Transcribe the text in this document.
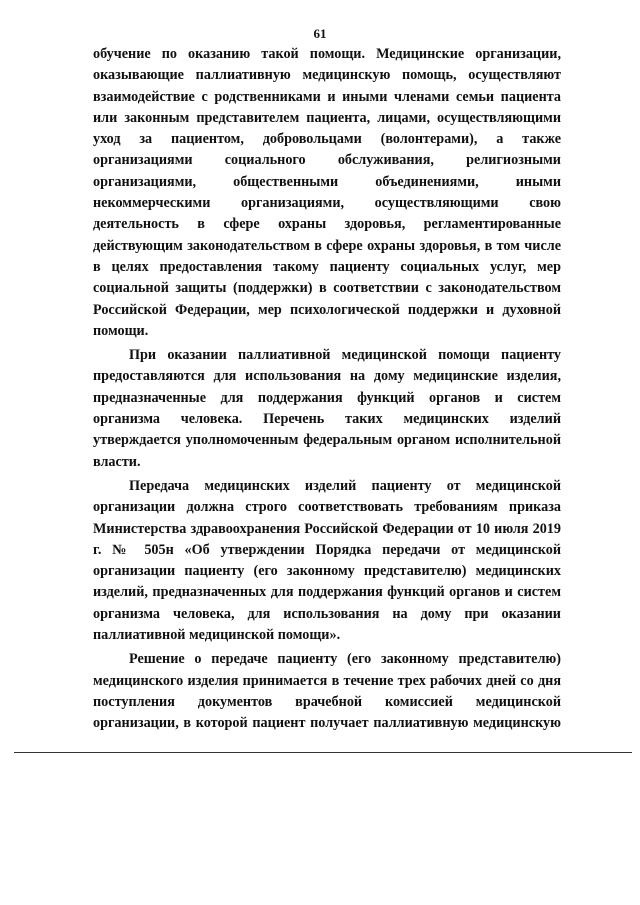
61

обучение по оказанию такой помощи. Медицинские организации, оказывающие паллиативную медицинскую помощь, осуществляют взаимодействие с родственниками и иными членами семьи пациента или законным представителем пациента, лицами, осуществляющими уход за пациентом, добровольцами (волонтерами), а также организациями социального обслуживания, религиозными организациями, общественными объединениями, иными некоммерческими организациями, осуществляющими свою деятельность в сфере охраны здоровья, регламентированные действующим законодательством в сфере охраны здоровья, в том числе в целях предоставления такому пациенту социальных услуг, мер социальной защиты (поддержки) в соответствии с законодательством Российской Федерации, мер психологической поддержки и духовной помощи.

При оказании паллиативной медицинской помощи пациенту предоставляются для использования на дому медицинские изделия, предназначенные для поддержания функций органов и систем организма человека. Перечень таких медицинских изделий утверждается уполномоченным федеральным органом исполнительной власти.

Передача медицинских изделий пациенту от медицинской организации должна строго соответствовать требованиям приказа Министерства здравоохранения Российской Федерации от 10 июля 2019 г. № 505н «Об утверждении Порядка передачи от медицинской организации пациенту (его законному представителю) медицинских изделий, предназначенных для поддержания функций органов и систем организма человека, для использования на дому при оказании паллиативной медицинской помощи».

Решение о передаче пациенту (его законному представителю) медицинского изделия принимается в течение трех рабочих дней со дня поступления документов врачебной комиссией медицинской организации, в которой пациент получает паллиативную медицинскую
